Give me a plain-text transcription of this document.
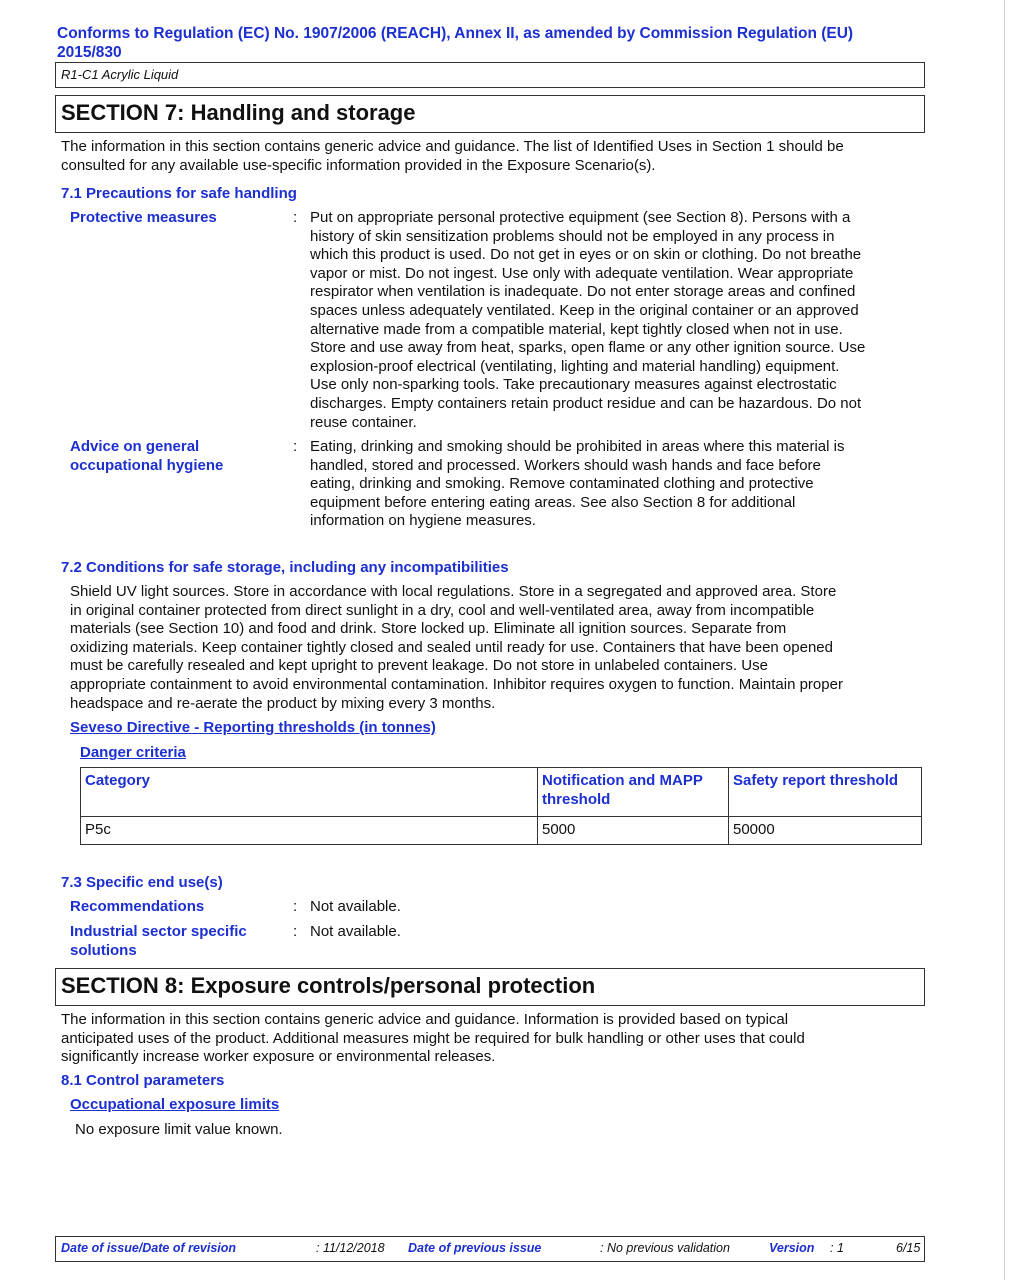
Conforms to Regulation (EC) No. 1907/2006 (REACH), Annex II, as amended by Commission Regulation (EU)
2015/830
R1-C1 Acrylic Liquid
SECTION 7: Handling and storage
The information in this section contains generic advice and guidance. The list of Identified Uses in Section 1 should be
consulted for any available use-specific information provided in the Exposure Scenario(s).
7.1 Precautions for safe handling
Protective measures	: Put on appropriate personal protective equipment (see Section 8). Persons with a
history of skin sensitization problems should not be employed in any process in
which this product is used. Do not get in eyes or on skin or clothing. Do not breathe
vapor or mist. Do not ingest. Use only with adequate ventilation. Wear appropriate
respirator when ventilation is inadequate. Do not enter storage areas and confined
spaces unless adequately ventilated. Keep in the original container or an approved
alternative made from a compatible material, kept tightly closed when not in use.
Store and use away from heat, sparks, open flame or any other ignition source. Use
explosion-proof electrical (ventilating, lighting and material handling) equipment.
Use only non-sparking tools. Take precautionary measures against electrostatic
discharges. Empty containers retain product residue and can be hazardous. Do not
reuse container.
Advice on general
occupational hygiene
: Eating, drinking and smoking should be prohibited in areas where this material is
handled, stored and processed. Workers should wash hands and face before
eating, drinking and smoking. Remove contaminated clothing and protective
equipment before entering eating areas. See also Section 8 for additional
information on hygiene measures.
7.2 Conditions for safe storage, including any incompatibilities
Shield UV light sources. Store in accordance with local regulations. Store in a segregated and approved area. Store
in original container protected from direct sunlight in a dry, cool and well-ventilated area, away from incompatible
materials (see Section 10) and food and drink. Store locked up. Eliminate all ignition sources. Separate from
oxidizing materials. Keep container tightly closed and sealed until ready for use. Containers that have been opened
must be carefully resealed and kept upright to prevent leakage. Do not store in unlabeled containers. Use
appropriate containment to avoid environmental contamination. Inhibitor requires oxygen to function. Maintain proper
headspace and re-aerate the product by mixing every 3 months.
Seveso Directive - Reporting thresholds (in tonnes)
Danger criteria
Category	Notification and MAPP threshold	Safety report threshold
P5c	5000	50000
7.3 Specific end use(s)
Recommendations	: Not available.
Industrial sector specific
solutions
: Not available.
SECTION 8: Exposure controls/personal protection
The information in this section contains generic advice and guidance. Information is provided based on typical
anticipated uses of the product. Additional measures might be required for bulk handling or other uses that could
significantly increase worker exposure or environmental releases.
8.1 Control parameters
Occupational exposure limits
No exposure limit value known.
Date of issue/Date of revision	: 11/12/2018 Date of previous issue	: No previous validation	Version : 1	6/15
